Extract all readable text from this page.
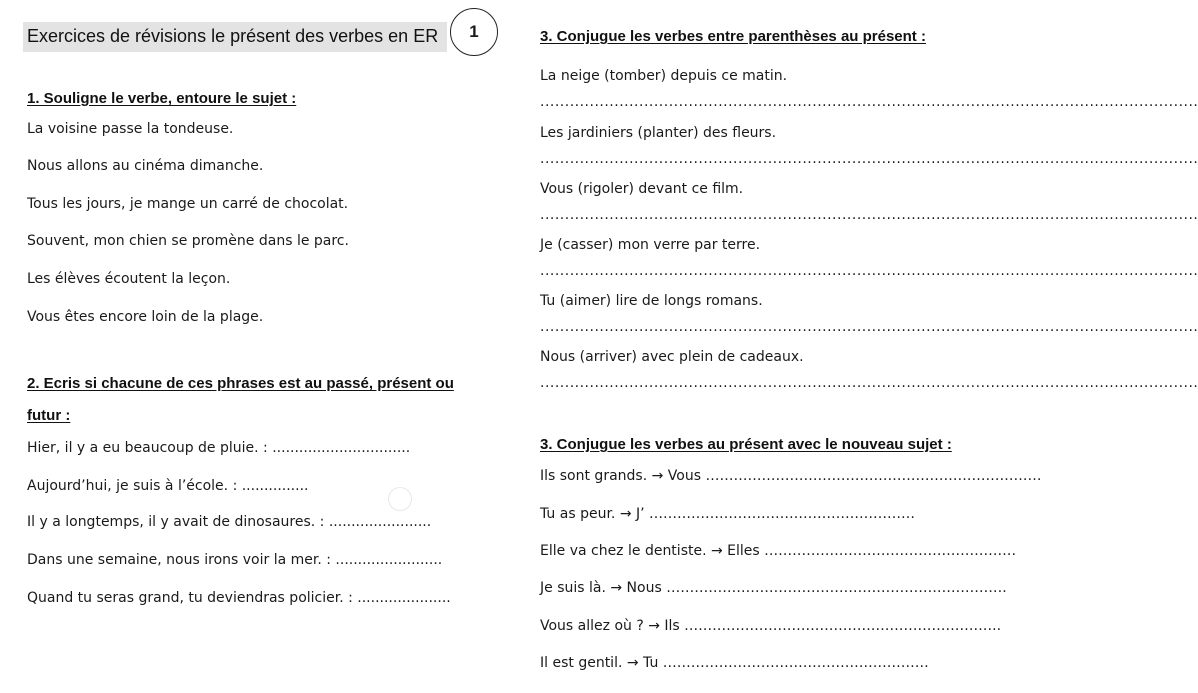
Exercices de révisions le présent des verbes en ER	1
1. Souligne le verbe, entoure le sujet :
La voisine passe la tondeuse.
Nous allons au cinéma dimanche.
Tous les jours, je mange un carré de chocolat.
Souvent, mon chien se promène dans le parc.
Les élèves écoutent la leçon.
Vous êtes encore loin de la plage.
2. Ecris si chacune de ces phrases est au passé, présent ou
futur :
Hier, il y a eu beaucoup de pluie. : ...............................
Aujourd’hui, je suis à l’école. : ...............
Il y a longtemps, il y avait de dinosaures. : .......................
Dans une semaine, nous irons voir la mer. : ........................
Quand tu seras grand, tu deviendras policier. : .....................
3. Conjugue les verbes entre parenthèses au présent :
La neige (tomber) depuis ce matin.
.....................................................................................................................................
Les jardiniers (planter) des fleurs.
.....................................................................................................................................
Vous (rigoler) devant ce film.
.....................................................................................................................................
Je (casser) mon verre par terre.
.....................................................................................................................................
Tu (aimer) lire de longs romans.
.....................................................................................................................................
Nous (arriver) avec plein de cadeaux.
.....................................................................................................................................
3. Conjugue les verbes au présent avec le nouveau sujet :
Ils sont grands. → Vous ………………………………………………………………
Tu as peur. → J’ …………………………………………………
Elle va chez le dentiste. → Elles ………………………………………………
Je suis là. → Nous ……………………………………………………………….
Vous allez où ? → Ils …………………………………………………………..
Il est gentil. → Tu …………………………………………………
